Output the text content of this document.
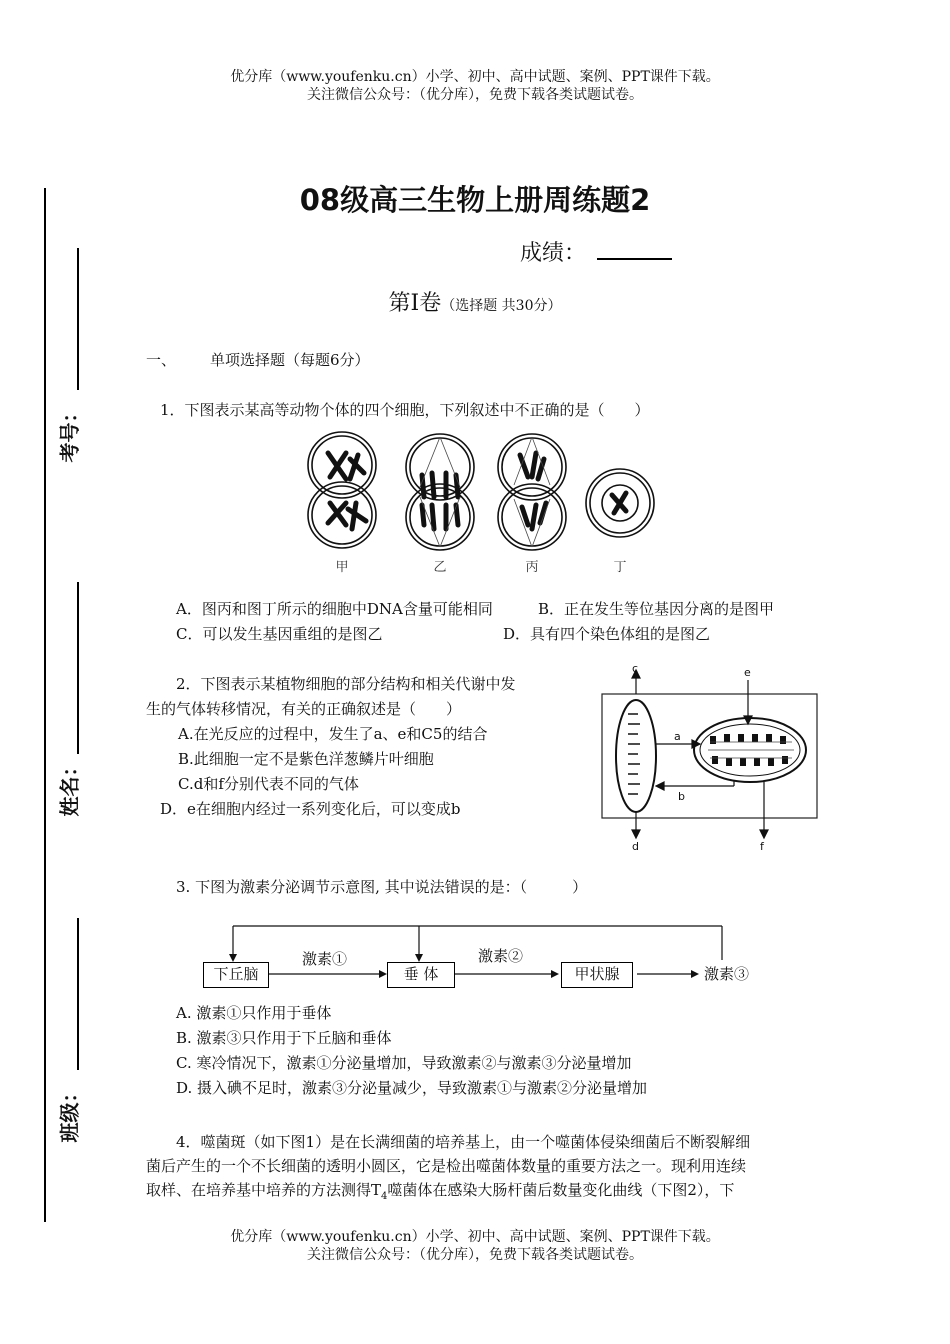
优分库（www.youfenku.cn）小学、初中、高中试题、案例、PPT课件下载。
关注微信公众号：（优分库），免费下载各类试题试卷。
考号：
姓名：
班级：
08级高三生物上册周练题2
成绩：
第Ⅰ卷（选择题 共30分）
一、 单项选择题（每题6分）
1．下图表示某高等动物个体的四个细胞，下列叙述中不正确的是（　　）
甲	乙	丙	丁
A．图丙和图丁所示的细胞中DNA含量可能相同	B．正在发生等位基因分离的是图甲
C．可以发生基因重组的是图乙	D．具有四个染色体组的是图乙
2．下图表示某植物细胞的部分结构和相关代谢中发
生的气体转移情况，有关的正确叙述是（　　）
A.在光反应的过程中，发生了a、e和C5的结合
B.此细胞一定不是紫色洋葱鳞片叶细胞
C.d和f分别代表不同的气体
D．e在细胞内经过一系列变化后，可以变成b
c	e
a
b
d	f
3. 下图为激素分泌调节示意图, 其中说法错误的是：（　　　）
下丘脑	垂 体	甲状腺
激素①	激素②
激素③
A. 激素①只作用于垂体
B. 激素③只作用于下丘脑和垂体
C. 寒冷情况下，激素①分泌量增加，导致激素②与激素③分泌量增加
D. 摄入碘不足时，激素③分泌量减少，导致激素①与激素②分泌量增加
4．噬菌斑（如下图1）是在长满细菌的培养基上，由一个噬菌体侵染细菌后不断裂解细
菌后产生的一个不长细菌的透明小圆区，它是检出噬菌体数量的重要方法之一。现利用连续
取样、在培养基中培养的方法测得$T_4$噬菌体在感染大肠杆菌后数量变化曲线（下图2），下
优分库（www.youfenku.cn）小学、初中、高中试题、案例、PPT课件下载。
关注微信公众号：（优分库），免费下载各类试题试卷。
